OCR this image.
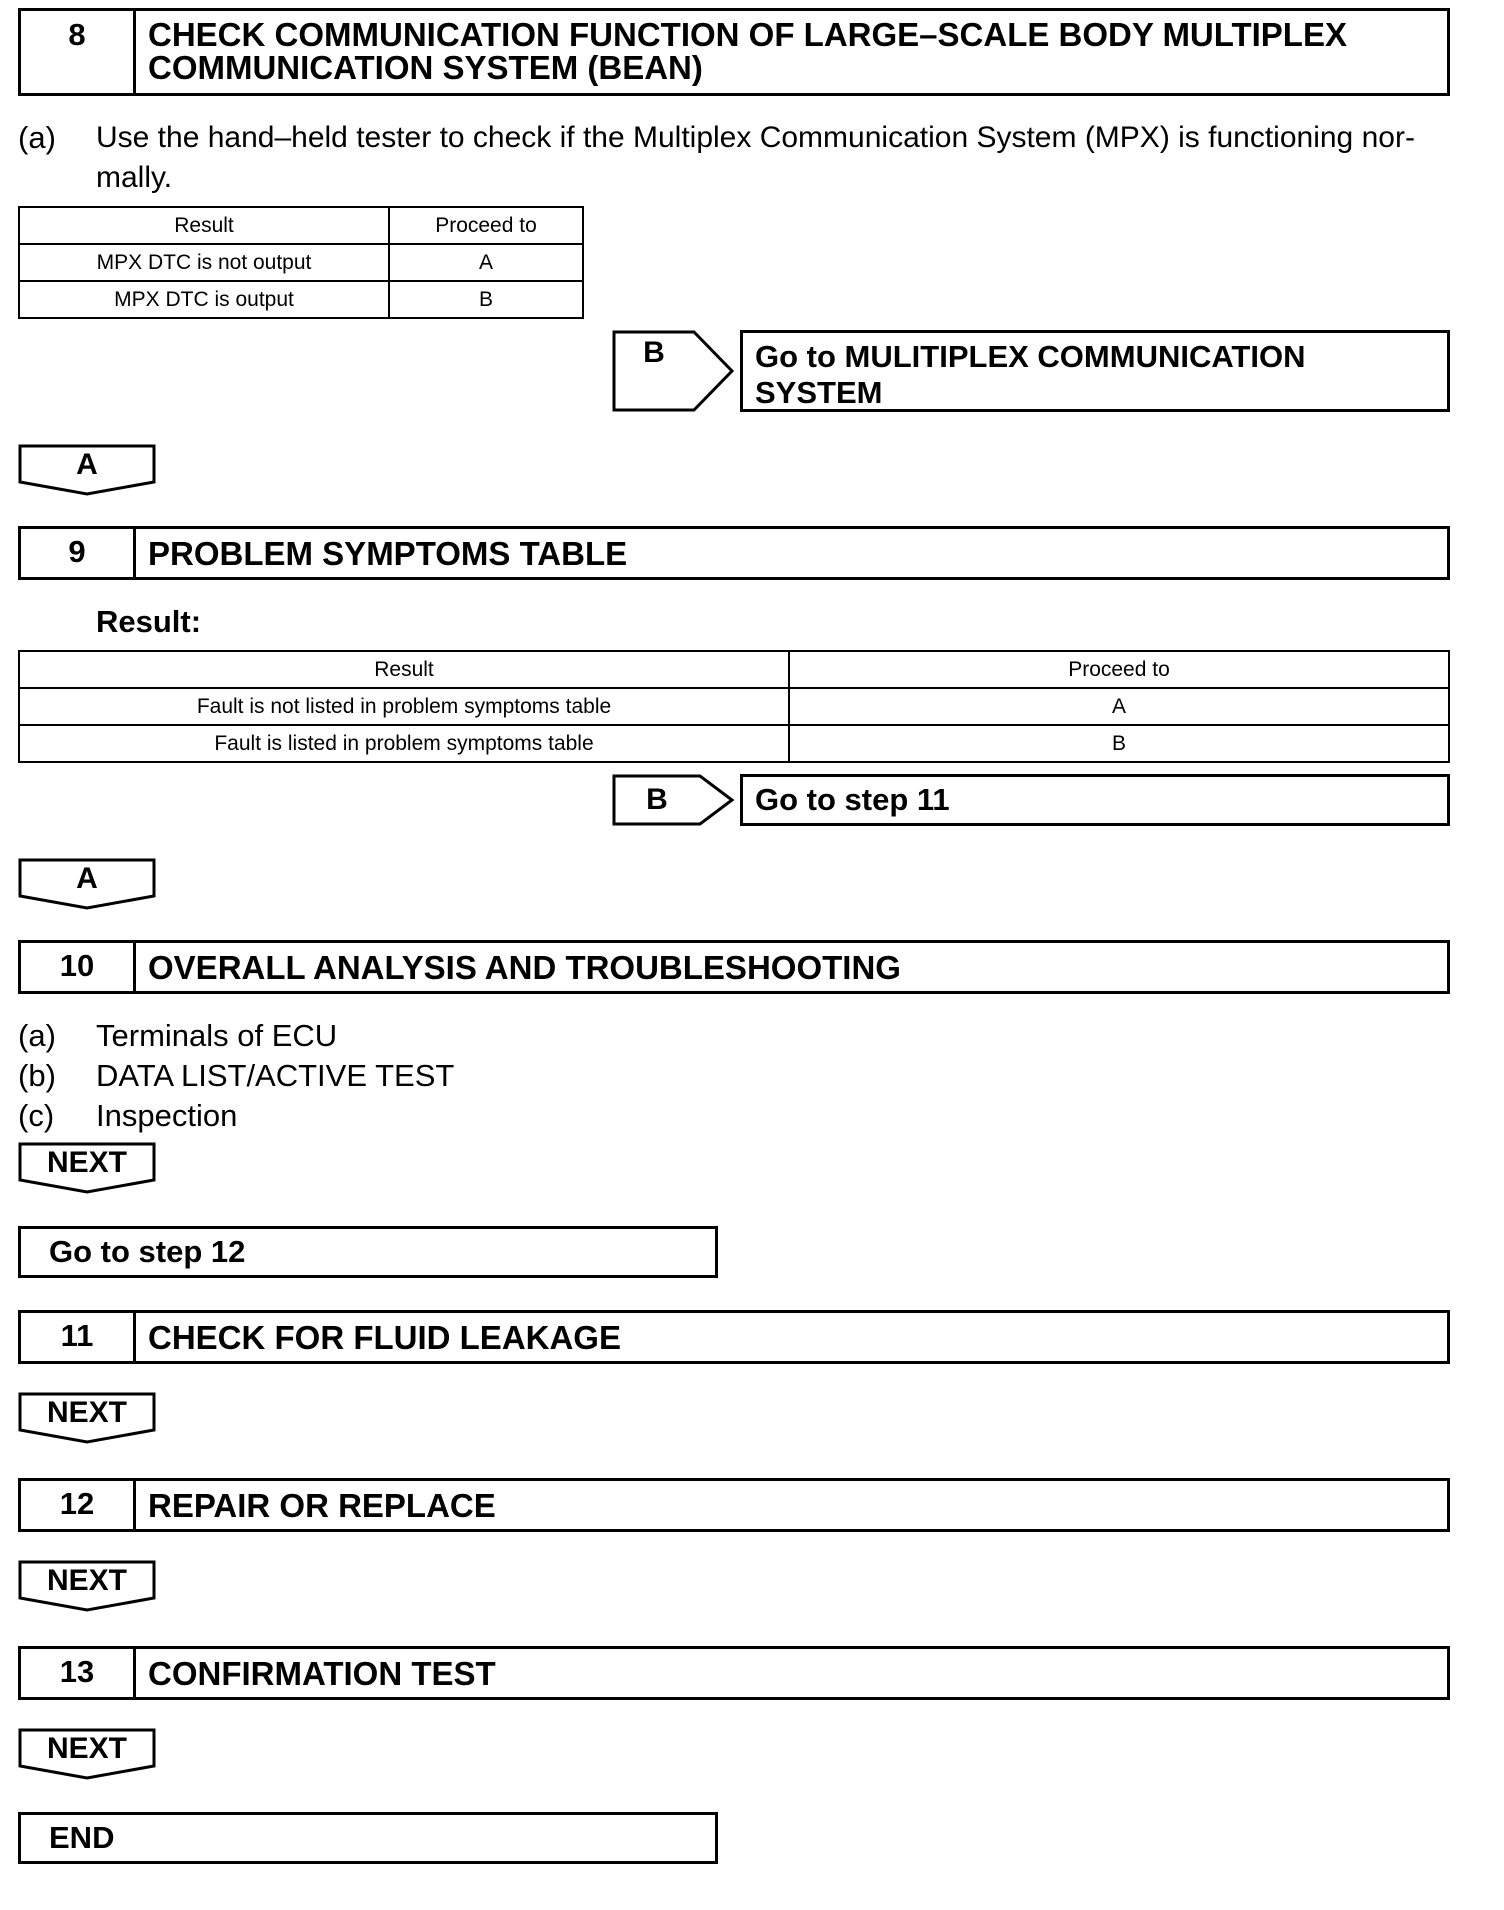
8	CHECK COMMUNICATION FUNCTION OF LARGE–SCALE BODY MULTIPLEX
COMMUNICATION SYSTEM (BEAN)
(a) Use the hand–held tester to check if the Multiplex Communication System (MPX) is functioning nor-
mally.
Result	Proceed to
MPX DTC is not output	A
MPX DTC is output	B
B	Go to MULITIPLEX COMMUNICATION SYSTEM
A
9	PROBLEM SYMPTOMS TABLE
Result:
Result	Proceed to
Fault is not listed in problem symptoms table	A
Fault is listed in problem symptoms table	B
B	Go to step 11
A
10	OVERALL ANALYSIS AND TROUBLESHOOTING
(a)	Terminals of ECU
(b)	DATA LIST/ACTIVE TEST
(c)	Inspection
NEXT
Go to step 12
11	CHECK FOR FLUID LEAKAGE
NEXT
12	REPAIR OR REPLACE
NEXT
13	CONFIRMATION TEST
NEXT
END
